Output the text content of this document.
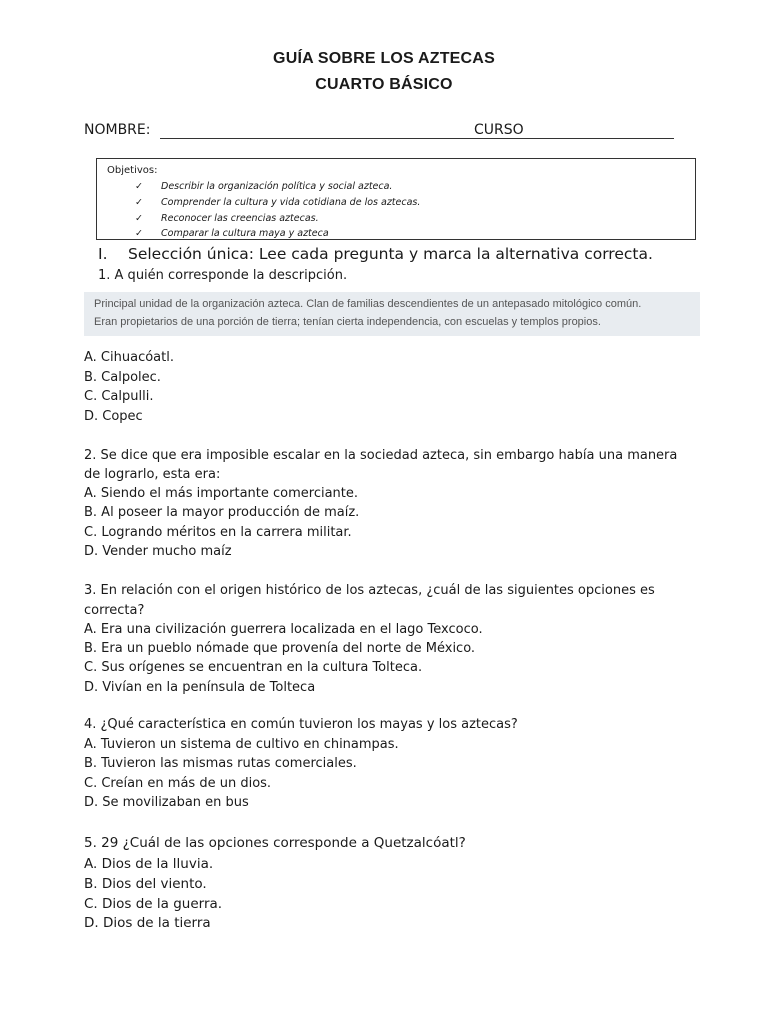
GUÍA SOBRE LOS AZTECAS
CUARTO BÁSICO
NOMBRE:	CURSO
Objetivos:
✓ Describir la organización política y social azteca.
✓ Comprender la cultura y vida cotidiana de los aztecas.
✓ Reconocer las creencias aztecas.
✓ Comparar la cultura maya y azteca
I. Selección única: Lee cada pregunta y marca la alternativa correcta.
1. A quién corresponde la descripción.
Principal unidad de la organización azteca. Clan de familias descendientes de un antepasado mitológico común.
Eran propietarios de una porción de tierra; tenían cierta independencia, con escuelas y templos propios.
A. Cihuacóatl.
B. Calpolec.
C. Calpulli.
D. Copec
2. Se dice que era imposible escalar en la sociedad azteca, sin embargo había una manera
de lograrlo, esta era:
A. Siendo el más importante comerciante.
B. Al poseer la mayor producción de maíz.
C. Logrando méritos en la carrera militar.
D. Vender mucho maíz
3. En relación con el origen histórico de los aztecas, ¿cuál de las siguientes opciones es
correcta?
A. Era una civilización guerrera localizada en el lago Texcoco.
B. Era un pueblo nómade que provenía del norte de México.
C. Sus orígenes se encuentran en la cultura Tolteca.
D. Vivían en la península de Tolteca
4. ¿Qué característica en común tuvieron los mayas y los aztecas?
A. Tuvieron un sistema de cultivo en chinampas.
B. Tuvieron las mismas rutas comerciales.
C. Creían en más de un dios.
D. Se movilizaban en bus
5. 29 ¿Cuál de las opciones corresponde a Quetzalcóatl?
A. Dios de la lluvia.
B. Dios del viento.
C. Dios de la guerra.
D. Dios de la tierra
